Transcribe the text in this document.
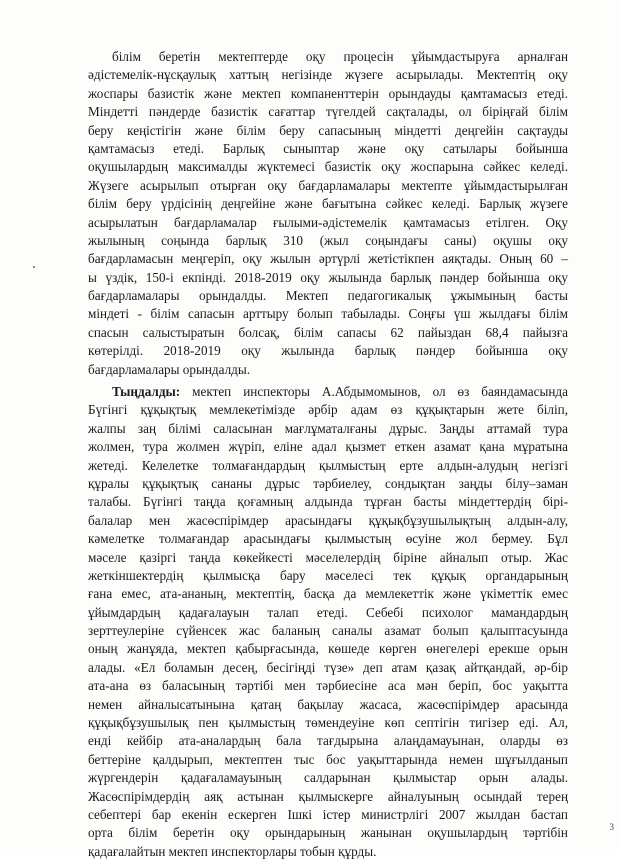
білім беретін мектептерде оқу процесін ұйымдастыруға арналған
әдістемелік-нұсқаулық хаттың негізінде жүзеге асырылады. Мектептің оқу
жоспары базистік және мектеп компаненттерін орындауды қамтамасыз етеді.
Міндетті пәндерде базистік сағаттар түгелдей сақталады, ол біріңғай білім
беру кеңістігін және білім беру сапасының міндетті деңгейін сақтауды
қамтамасыз етеді. Барлық сыныптар және оқу сатылары бойынша
оқушылардың максималды жүктемесі базистік оқу жоспарына сәйкес келеді.
Жүзеге асырылып отырған оқу бағдарламалары мектепте ұйымдастырылған
білім беру үрдісінің деңгейіне және бағытына сәйкес келеді. Барлық жүзеге
асырылатын бағдарламалар ғылыми-әдістемелік қамтамасыз етілген. Оқу
жылының соңында барлық 310 (жыл соңындағы саны) оқушы оқу
бағдарламасын меңгеріп, оқу жылын әртүрлі жетістікпен аяқтады. Оның 60 –
ы үздік, 150-і екпінді. 2018-2019 оқу жылында барлық пәндер бойынша оқу
бағдарламалары орындалды. Мектеп педагогикалық ұжымының басты
міндеті - білім сапасын арттыру болып табылады. Соңғы үш жылдағы білім
спасын салыстыратын болсақ, білім сапасы 62 пайыздан 68,4 пайызға
көтерілді. 2018-2019 оқу жылында барлық пәндер бойынша оқу
бағдарламалары орындалды.
Тыңдалды: мектеп инспекторы А.Абдымомынов, ол өз баяндамасында
Бүгінгі құқықтық мемлекетімізде әрбір адам өз құқықтарын жете біліп,
жалпы заң білімі саласынан мағлұматалғаны дұрыс. Заңды аттамай тура
жолмен, тура жолмен жүріп, еліне адал қызмет еткен азамат қана мұратына
жетеді. Келелетке толмағандардың қылмыстың ерте алдын-алудың негізгі
құралы құқықтық сананы дұрыс тәрбиелеу, сондықтан заңды білу–заман
талабы. Бүгінгі таңда қоғамның алдында тұрған басты міндеттердің бірі-
балалар мен жасөспірімдер арасындағы құқықбұзушылықтың алдын-алу,
кәмелетке толмағандар арасындағы қылмыстың өсуіне жол бермеу. Бұл
мәселе қазіргі таңда көкейкесті мәселелердің біріне айналып отыр. Жас
жеткіншектердің қылмысқа бару мәселесі тек құқық органдарының
ғана емес, ата-ананың, мектептің, басқа да мемлекеттік және үкіметтік емес
ұйымдардың қадағалауын талап етеді. Себебі психолог мамандардың
зерттеулеріне сүйенсек жас баланың саналы азамат болып қалыптасуында
оның жанұяда, мектеп қабырғасында, көшеде көрген өнегелері ерекше орын
алады. «Ел боламын десең, бесігіңді түзе» деп атам қазақ айтқандай, әр-бір
ата-ана өз баласының тәртібі мен тәрбиесіне аса мән беріп, бос уақытта
немен айналысатынына қатаң бақылау жасаса, жасөспірімдер арасында
құқықбұзушылық пен қылмыстың төмендеуіне көп септігін тигізер еді. Ал,
енді кейбір ата-аналардың бала тағдырына алаңдамауынан, оларды өз
беттеріне қалдырып, мектептен тыс бос уақыттарында немен шұғылданып
жүргендерін қадағаламауының салдарынан қылмыстар орын алады.
Жасөспірімдердің аяқ астынан қылмыскерге айналуының осындай терең
себептері бар екенін ескерген Ішкі істер министрлігі 2007 жылдан бастап
орта білім беретін оқу орындарының жанынан оқушылардың тәртібін
қадағалайтын мектеп инспекторлары тобын құрды.
3
